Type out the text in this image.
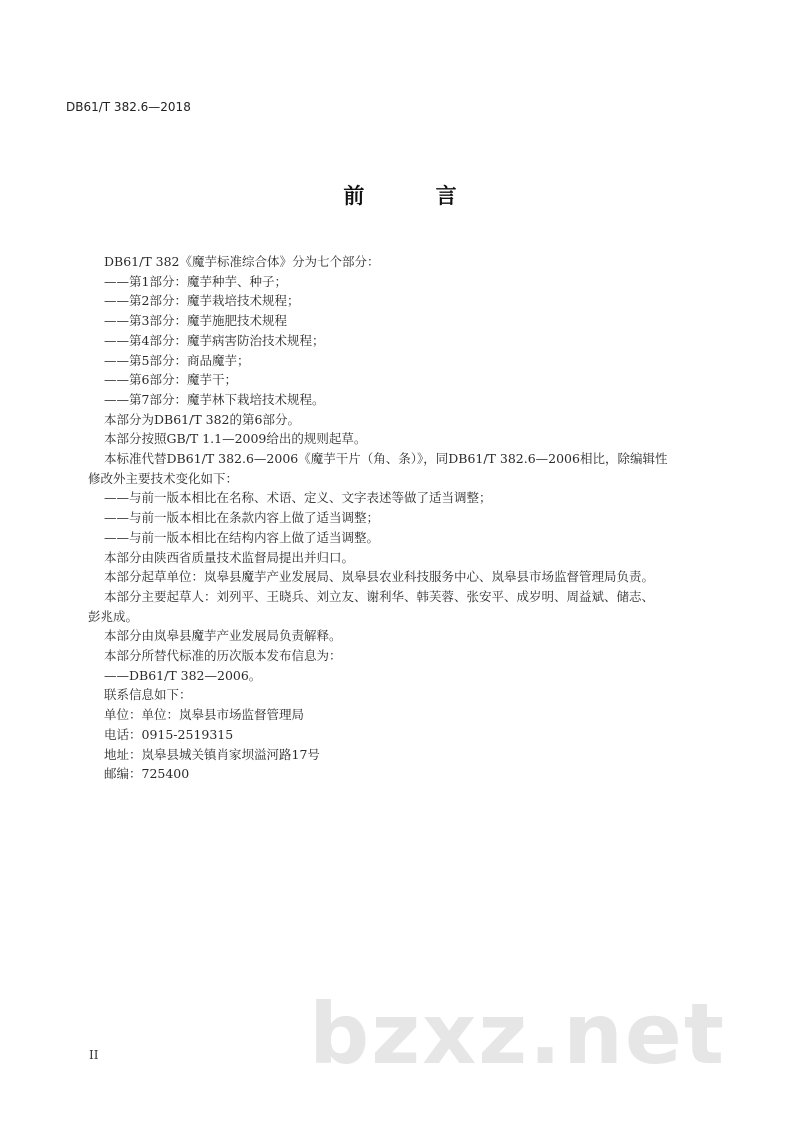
DB61/T 382.6—2018
前 言

DB61/T 382《魔芋标准综合体》分为七个部分：

——第1部分：魔芋种芋、种子；

——第2部分：魔芋栽培技术规程；

——第3部分：魔芋施肥技术规程

——第4部分：魔芋病害防治技术规程；

——第5部分：商品魔芋；

——第6部分：魔芋干；

——第7部分：魔芋林下栽培技术规程。

本部分为DB61/T 382的第6部分。

本部分按照GB/T 1.1—2009给出的规则起草。

本标准代替DB61/T 382.6—2006《魔芋干片（角、条）》，同DB61/T 382.6—2006相比，除编辑性
修改外主要技术变化如下：

——与前一版本相比在名称、术语、定义、文字表述等做了适当调整；

——与前一版本相比在条款内容上做了适当调整；

——与前一版本相比在结构内容上做了适当调整。

本部分由陕西省质量技术监督局提出并归口。

本部分起草单位：岚皋县魔芋产业发展局、岚皋县农业科技服务中心、岚皋县市场监督管理局负责。

本部分主要起草人：刘列平、王晓兵、刘立友、谢利华、韩芙蓉、张安平、成岁明、周益斌、储志、
彭兆成。

本部分由岚皋县魔芋产业发展局负责解释。

本部分所替代标准的历次版本发布信息为：

——DB61/T 382—2006。

联系信息如下：

单位：单位：岚皋县市场监督管理局

电话：0915-2519315

地址：岚皋县城关镇肖家坝溢河路17号

邮编：725400

bzxz.net
II
